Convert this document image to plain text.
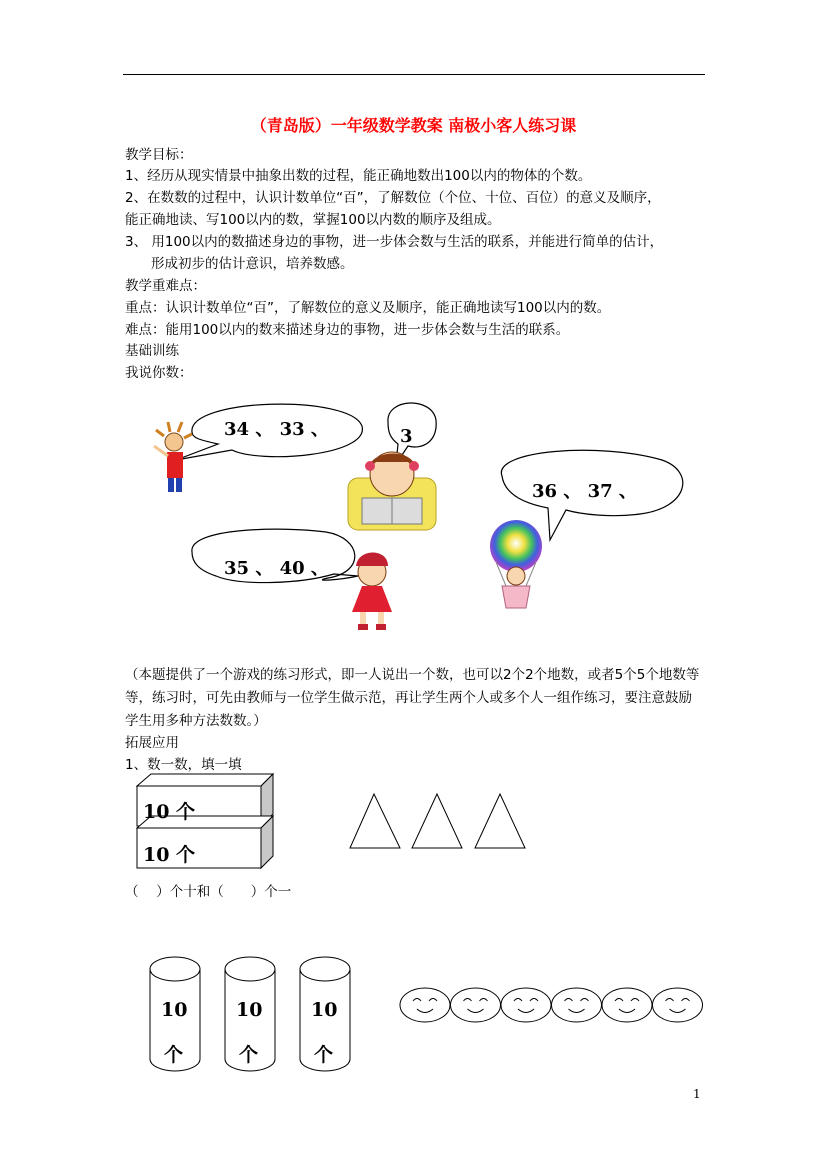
（青岛版）一年级数学教案 南极小客人练习课
教学目标：
1、经历从现实情景中抽象出数的过程，能正确地数出100以内的物体的个数。
2、在数数的过程中，认识计数单位“百”，了解数位（个位、十位、百位）的意义及顺序，
能正确地读、写100以内的数，掌握100以内数的顺序及组成。
3、 用100以内的数描述身边的事物，进一步体会数与生活的联系，并能进行简单的估计，
形成初步的估计意识，培养数感。
教学重难点：
重点：认识计数单位“百”，了解数位的意义及顺序，能正确地读写100以内的数。
难点：能用100以内的数来描述身边的事物，进一步体会数与生活的联系。
基础训练
我说你数：
34 、 33 、	3
36 、 37 、
35 、 40 、
（本题提供了一个游戏的练习形式，即一人说出一个数，也可以2个2个地数，或者5个5个地数等等，练习时，可先由教师与一位学生做示范，再让学生两个人或多个人一组作练习，要注意鼓励学生用多种方法数数。）
拓展应用
1、数一数，填一填
10 个
10 个
（　 ）个十和（　　）个一
10
个
10
个
10
个
1
